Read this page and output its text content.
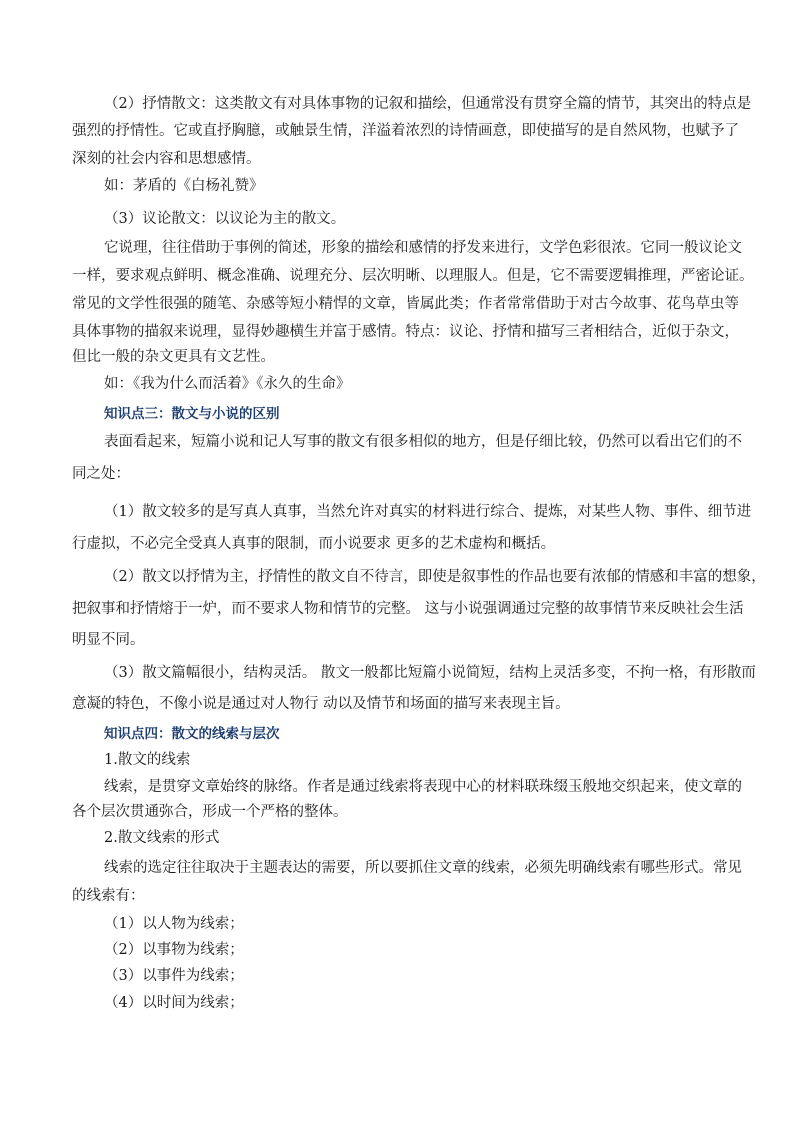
（2）抒情散文：这类散文有对具体事物的记叙和描绘，但通常没有贯穿全篇的情节，其突出的特点是
强烈的抒情性。它或直抒胸臆，或触景生情，洋溢着浓烈的诗情画意，即使描写的是自然风物，也赋予了
深刻的社会内容和思想感情。
如：茅盾的《白杨礼赞》
（3）议论散文：以议论为主的散文。
它说理，往往借助于事例的简述，形象的描绘和感情的抒发来进行，文学色彩很浓。它同一般议论文
一样，要求观点鲜明、概念准确、说理充分、层次明晰、以理服人。但是，它不需要逻辑推理，严密论证。
常见的文学性很强的随笔、杂感等短小精悍的文章，皆属此类；作者常常借助于对古今故事、花鸟草虫等
具体事物的描叙来说理，显得妙趣横生并富于感情。特点：议论、抒情和描写三者相结合，近似于杂文，
但比一般的杂文更具有文艺性。
如：《我为什么而活着》《永久的生命》
知识点三：散文与小说的区别
表面看起来，短篇小说和记人写事的散文有很多相似的地方，但是仔细比较，仍然可以看出它们的不
同之处：
（1）散文较多的是写真人真事，当然允许对真实的材料进行综合、提炼，对某些人物、事件、细节进
行虚拟，不必完全受真人真事的限制，而小说要求 更多的艺术虚构和概括。
（2）散文以抒情为主，抒情性的散文自不待言，即使是叙事性的作品也要有浓郁的情感和丰富的想象，
把叙事和抒情熔于一炉，而不要求人物和情节的完整。 这与小说强调通过完整的故事情节来反映社会生活
明显不同。
（3）散文篇幅很小，结构灵活。 散文一般都比短篇小说简短，结构上灵活多变，不拘一格，有形散而
意凝的特色，不像小说是通过对人物行 动以及情节和场面的描写来表现主旨。
知识点四：散文的线索与层次
1.散文的线索
线索，是贯穿文章始终的脉络。作者是通过线索将表现中心的材料联珠缀玉般地交织起来，使文章的
各个层次贯通弥合，形成一个严格的整体。
2.散文线索的形式
线索的选定往往取决于主题表达的需要，所以要抓住文章的线索，必须先明确线索有哪些形式。常见
的线索有：
（1）以人物为线索；
（2）以事物为线索；
（3）以事件为线索；
（4）以时间为线索；
